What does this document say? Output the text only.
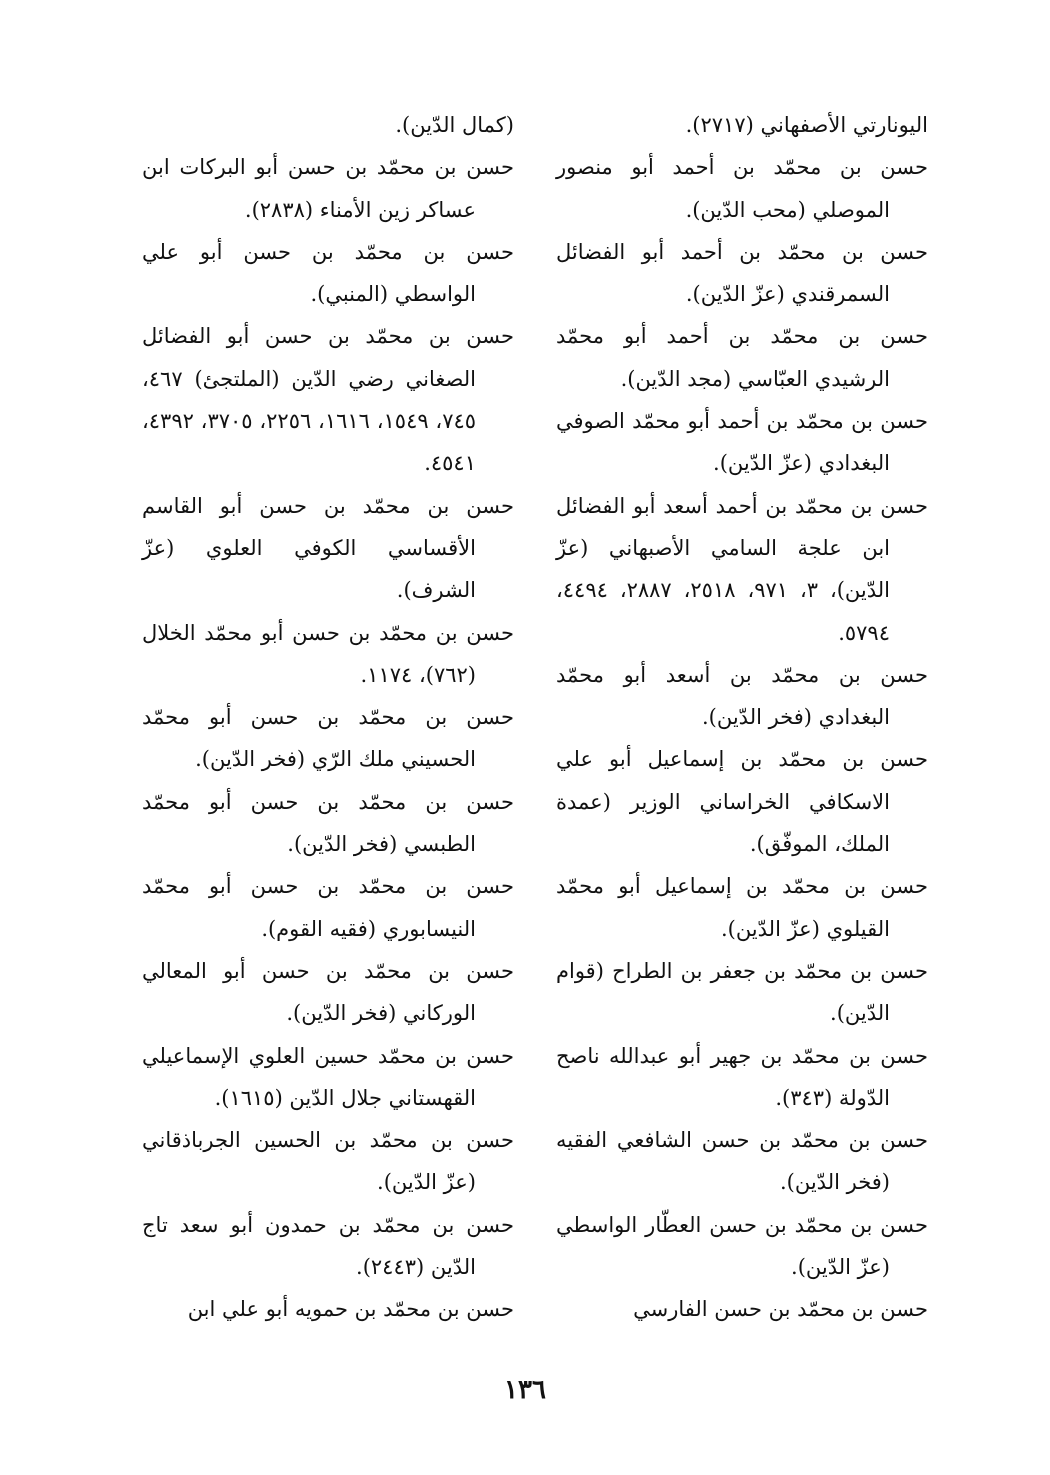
اليونارتي الأصفهاني (٢٧١٧).

حسن بن محمّد بن أحمد أبو منصور الموصلي (محب الدّين).

حسن بن محمّد بن أحمد أبو الفضائل السمرقندي (عزّ الدّين).

حسن بن محمّد بن أحمد أبو محمّد الرشيدي العبّاسي (مجد الدّين).

حسن بن محمّد بن أحمد أبو محمّد الصوفي البغدادي (عزّ الدّين).

حسن بن محمّد بن أحمد أسعد أبو الفضائل ابن علجة السامي الأصبهاني (عزّ الدّين)، ٣، ٩٧١، ٢٥١٨، ٢٨٨٧، ٤٤٩٤، ٥٧٩٤.

حسن بن محمّد بن أسعد أبو محمّد البغدادي (فخر الدّين).

حسن بن محمّد بن إسماعيل أبو علي الاسكافي الخراساني الوزير (عمدة الملك، الموفّق).

حسن بن محمّد بن إسماعيل أبو محمّد القيلوي (عزّ الدّين).

حسن بن محمّد بن جعفر بن الطراح (قوام الدّين).

حسن بن محمّد بن جهير أبو عبدالله ناصح الدّولة (٣٤٣).

حسن بن محمّد بن حسن الشافعي الفقيه (فخر الدّين).

حسن بن محمّد بن حسن العطّار الواسطي (عزّ الدّين).

حسن بن محمّد بن حسن الفارسي

(كمال الدّين).

حسن بن محمّد بن حسن أبو البركات ابن عساكر زين الأمناء (٢٨٣٨).

حسن بن محمّد بن حسن أبو علي الواسطي (المنبي).

حسن بن محمّد بن حسن أبو الفضائل الصغاني رضي الدّين (الملتجئ) ٤٦٧، ٧٤٥، ١٥٤٩، ١٦١٦، ٢٢٥٦، ٣٧٠٥، ٤٣٩٢، ٤٥٤١.

حسن بن محمّد بن حسن أبو القاسم الأقساسي الكوفي العلوي (عزّ الشرف).

حسن بن محمّد بن حسن أبو محمّد الخلال (٧٦٢)، ١١٧٤.

حسن بن محمّد بن حسن أبو محمّد الحسيني ملك الرّي (فخر الدّين).

حسن بن محمّد بن حسن أبو محمّد الطبسي (فخر الدّين).

حسن بن محمّد بن حسن أبو محمّد النيسابوري (فقيه القوم).

حسن بن محمّد بن حسن أبو المعالي الوركاني (فخر الدّين).

حسن بن محمّد حسين العلوي الإسماعيلي القهستاني جلال الدّين (١٦١٥).

حسن بن محمّد بن الحسين الجرباذقاني (عزّ الدّين).

حسن بن محمّد بن حمدون أبو سعد تاج الدّين (٢٤٤٣).

حسن بن محمّد بن حمويه أبو علي ابن

١٣٦
